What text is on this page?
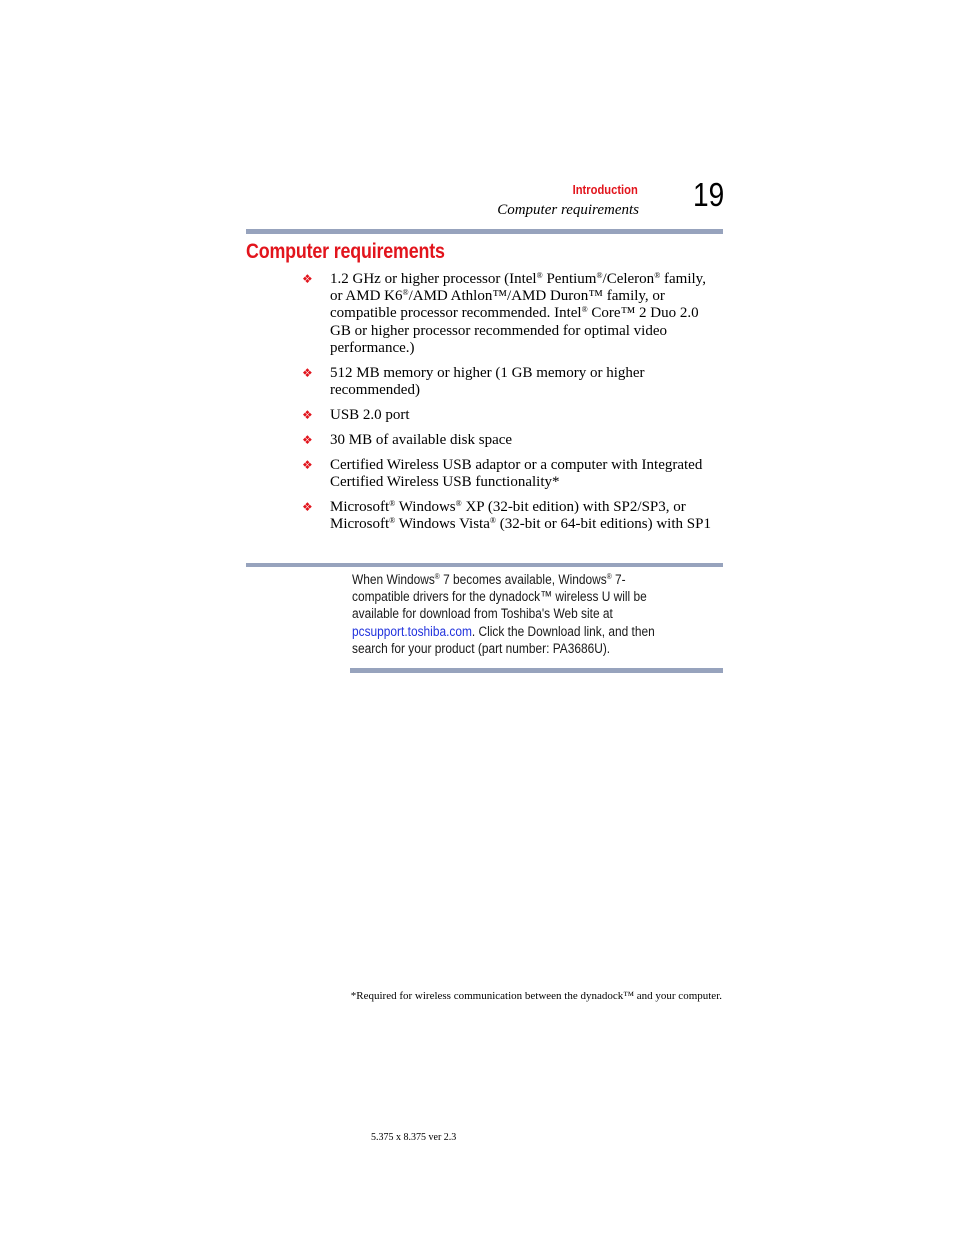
Introduction
Computer requirements 19
Computer requirements
❖ 1.2 GHz or higher processor (Intel® Pentium®/Celeron® family, or AMD K6®/AMD Athlon™/AMD Duron™ family, or compatible processor recommended. Intel® Core™ 2 Duo 2.0 GB or higher processor recommended for optimal video performance.)
❖ 512 MB memory or higher (1 GB memory or higher recommended)
❖ USB 2.0 port
❖ 30 MB of available disk space
❖ Certified Wireless USB adaptor or a computer with Integrated Certified Wireless USB functionality*
❖ Microsoft® Windows® XP (32-bit edition) with SP2/SP3, or Microsoft® Windows Vista® (32-bit or 64-bit editions) with SP1
When Windows® 7 becomes available, Windows® 7-compatible drivers for the dynadock™ wireless U will be available for download from Toshiba's Web site at pcsupport.toshiba.com. Click the Download link, and then search for your product (part number: PA3686U).
*Required for wireless communication between the dynadock™ and your computer.
5.375 x 8.375 ver 2.3
